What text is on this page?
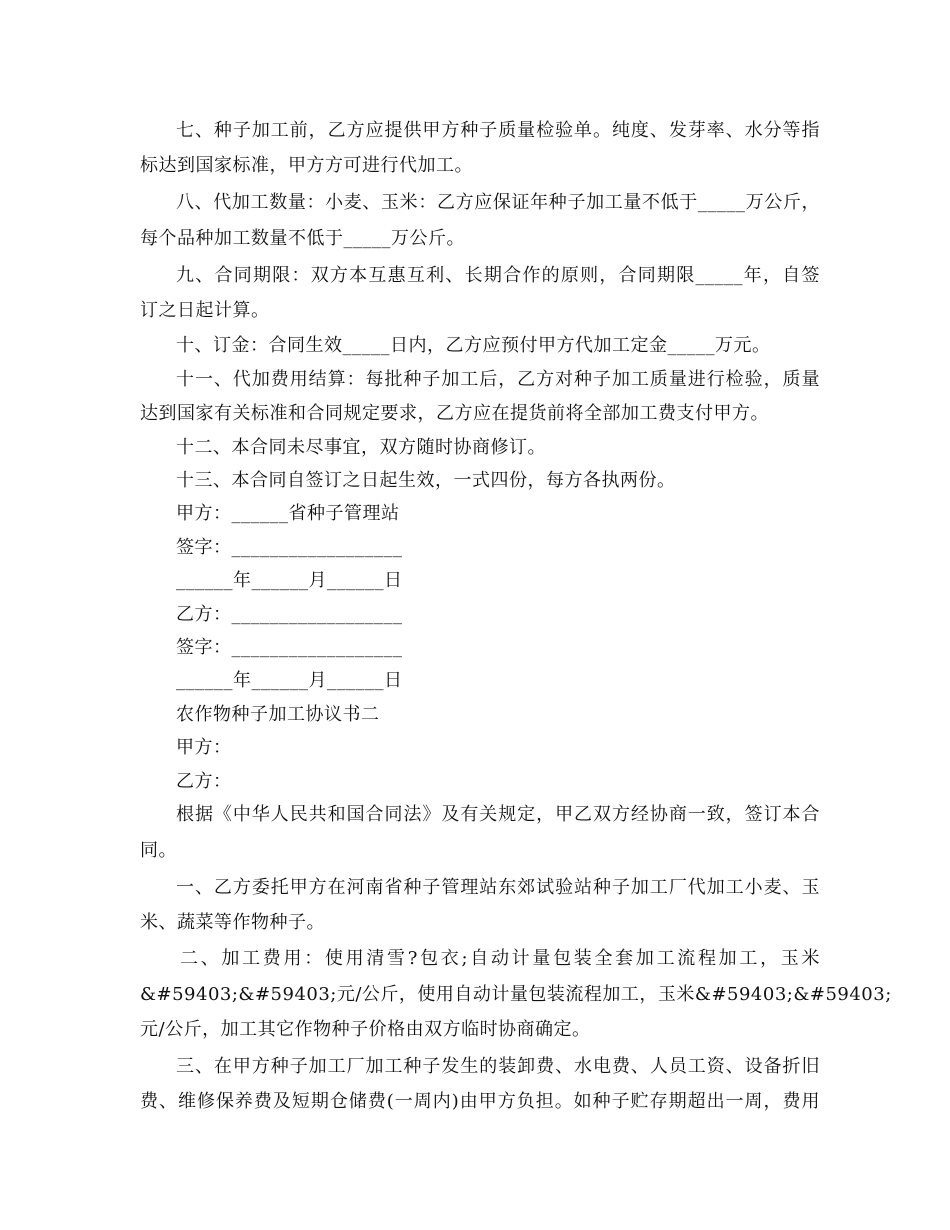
七、种子加工前，乙方应提供甲方种子质量检验单。纯度、发芽率、水分等指
标达到国家标准，甲方方可进行代加工。
八、代加工数量：小麦、玉米：乙方应保证年种子加工量不低于_____万公斤，
每个品种加工数量不低于_____万公斤。
九、合同期限：双方本互惠互利、长期合作的原则，合同期限_____年，自签
订之日起计算。
十、订金：合同生效_____日内，乙方应预付甲方代加工定金_____万元。
十一、代加费用结算：每批种子加工后，乙方对种子加工质量进行检验，质量
达到国家有关标准和合同规定要求，乙方应在提货前将全部加工费支付甲方。
十二、本合同未尽事宜，双方随时协商修订。
十三、本合同自签订之日起生效，一式四份，每方各执两份。
甲方：______省种子管理站
签字：__________________
______年______月______日
乙方：__________________
签字：__________________
______年______月______日
农作物种子加工协议书二
甲方：
乙方：
根据《中华人民共和国合同法》及有关规定，甲乙双方经协商一致，签订本合
同。
一、乙方委托甲方在河南省种子管理站东郊试验站种子加工厂代加工小麦、玉
米、蔬菜等作物种子。
二、加工费用：使用清雪?包衣;自动计量包装全套加工流程加工，玉米
&#59403;&#59403;元/公斤，使用自动计量包装流程加工，玉米&#59403;&#59403;
元/公斤，加工其它作物种子价格由双方临时协商确定。
三、在甲方种子加工厂加工种子发生的装卸费、水电费、人员工资、设备折旧
费、维修保养费及短期仓储费(一周内)由甲方负担。如种子贮存期超出一周，费用
